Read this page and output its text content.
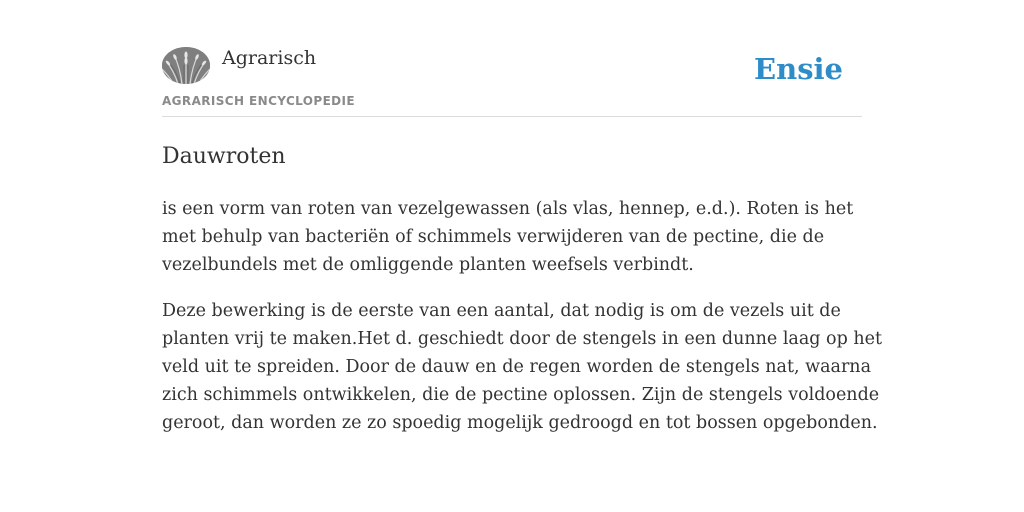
Agrarisch
AGRARISCH ENCYCLOPEDIE
Ensie
Dauwroten

is een vorm van roten van vezelgewassen (als vlas, hennep, e.d.). Roten is het
met behulp van bacteriën of schimmels verwijderen van de pectine, die de
vezelbundels met de omliggende planten weefsels verbindt.

Deze bewerking is de eerste van een aantal, dat nodig is om de vezels uit de
planten vrij te maken.Het d. geschiedt door de stengels in een dunne laag op het
veld uit te spreiden. Door de dauw en de regen worden de stengels nat, waarna
zich schimmels ontwikkelen, die de pectine oplossen. Zijn de stengels voldoende
geroot, dan worden ze zo spoedig mogelijk gedroogd en tot bossen opgebonden.
